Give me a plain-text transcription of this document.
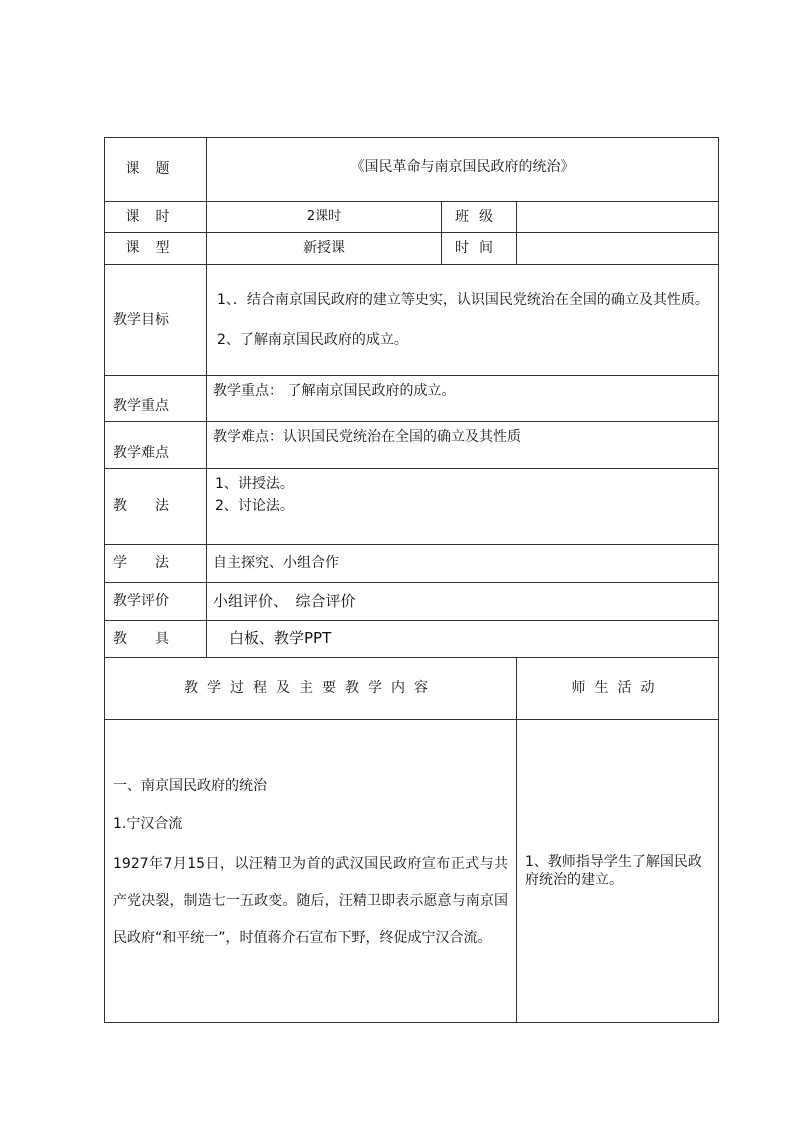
课题	《国民革命与南京国民政府的统治》		
课时	2课时	班级	
课型	新授课	时间	
教学目标	1、．结合南京国民政府的建立等史实，认识国民党统治在全国的确立及其性质。

2、了解南京国民政府的成立。		

教学重点	教学重点： 了解南京国民政府的成立。		
教学难点	教学难点：认识国民党统治在全国的确立及其性质		
教法	1、讲授法。
2、讨论法。		

学法	自主探究、小组合作		
教学评价	小组评价、　综合评价		
教具	白板、教学PPT		
教学过程及主要教学内容			师生活动

一、南京国民政府的统治

1.宁汉合流

1927年7月15日，以汪精卫为首的武汉国民政府宣布正式与共产党决裂，制造七一五政变。随后，汪精卫即表示愿意与南京国民政府“和平统一”，时值蒋介石宣布下野，终促成宁汉合流。			1、教师指导学生了解国民政府统治的建立。
